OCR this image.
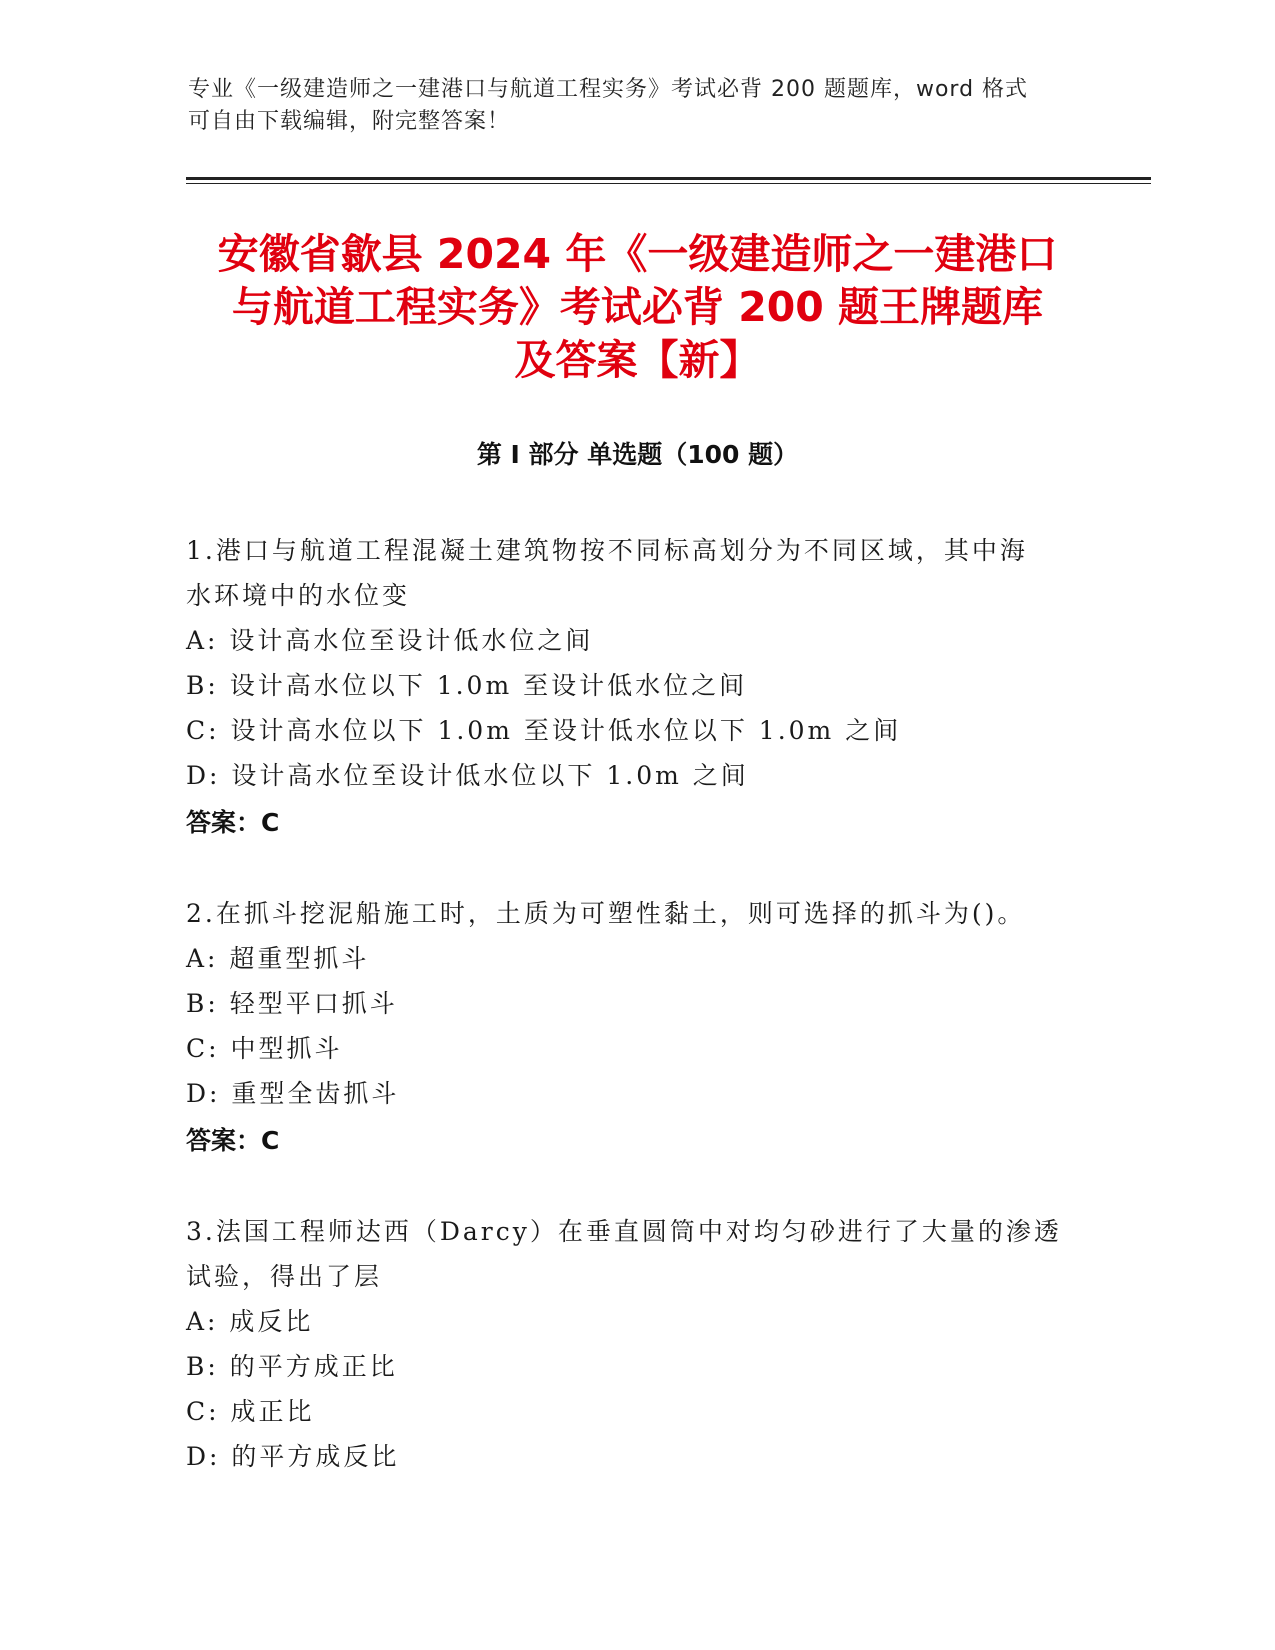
专业《一级建造师之一建港口与航道工程实务》考试必背 200 题题库，word 格式
可自由下载编辑，附完整答案！
安徽省歙县 2024 年《一级建造师之一建港口
与航道工程实务》考试必背 200 题王牌题库
及答案【新】
第 I 部分 单选题（100 题）
1.港口与航道工程混凝土建筑物按不同标高划分为不同区域，其中海
水环境中的水位变
A: 设计高水位至设计低水位之间
B: 设计高水位以下 1.0m 至设计低水位之间
C: 设计高水位以下 1.0m 至设计低水位以下 1.0m 之间
D: 设计高水位至设计低水位以下 1.0m 之间
答案：C
2.在抓斗挖泥船施工时，土质为可塑性黏土，则可选择的抓斗为()。
A: 超重型抓斗
B: 轻型平口抓斗
C: 中型抓斗
D: 重型全齿抓斗
答案：C
3.法国工程师达西（Darcy）在垂直圆筒中对均匀砂进行了大量的渗透
试验，得出了层
A: 成反比
B: 的平方成正比
C: 成正比
D: 的平方成反比
